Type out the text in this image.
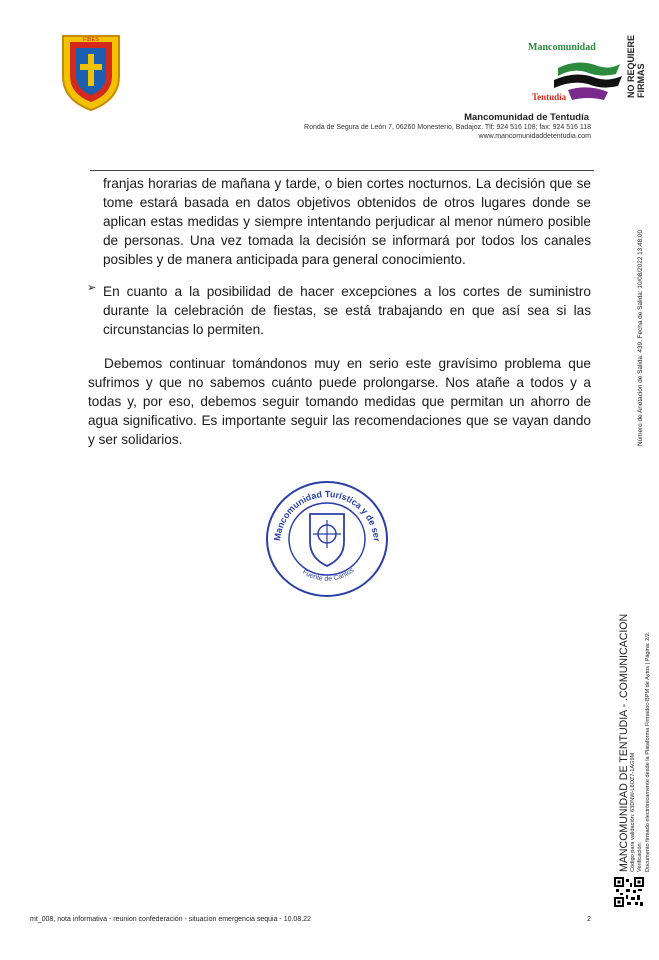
FIBES
Mancomunidad
Tentudía	NO REQUIERE
FIRMAS
Mancomunidad de Tentudía
Ronda de Segura de León 7, 06260 Monesterio, Badajoz. Tlf: 924 516 108; fax: 924 516 118
www.mancomunidaddetentudia.com
franjas horarias de mañana y tarde, o bien cortes nocturnos. La decisión que se tome estará basada en datos objetivos obtenidos de otros lugares donde se aplican estas medidas y siempre intentando perjudicar al menor número posible de personas. Una vez tomada la decisión se informará por todos los canales posibles y de manera anticipada para general conocimiento.
➢ En cuanto a la posibilidad de hacer excepciones a los cortes de suministro durante la celebración de fiestas, se está trabajando en que así sea si las circunstancias lo permiten.
Debemos continuar tomándonos muy en serio este gravísimo problema que sufrimos y que no sabemos cuánto puede prolongarse. Nos atañe a todos y a todas y, por eso, debemos seguir tomando medidas que permitan un ahorro de agua significativo. Es importante seguir las recomendaciones que se vayan dando y ser solidarios.
Mancomunidad Turística y de ser
Fuente de Cantos
Número de Anotación de Salida: 439, Fecha de Salida: 10/08/2022 13:48:00
MANCOMUNIDAD DE TENTUDIA - .COMUNICACION Código para validación: 63DNW-L6OZ7-1AG9M Verificación: Documento firmado electrónicamente desde la Plataforma Firmadoc-BPM de Aytos | Página: 2/2.
mt_008, nota informativa - reunion confederación - situacion emergencia sequia - 10.08.22	2
